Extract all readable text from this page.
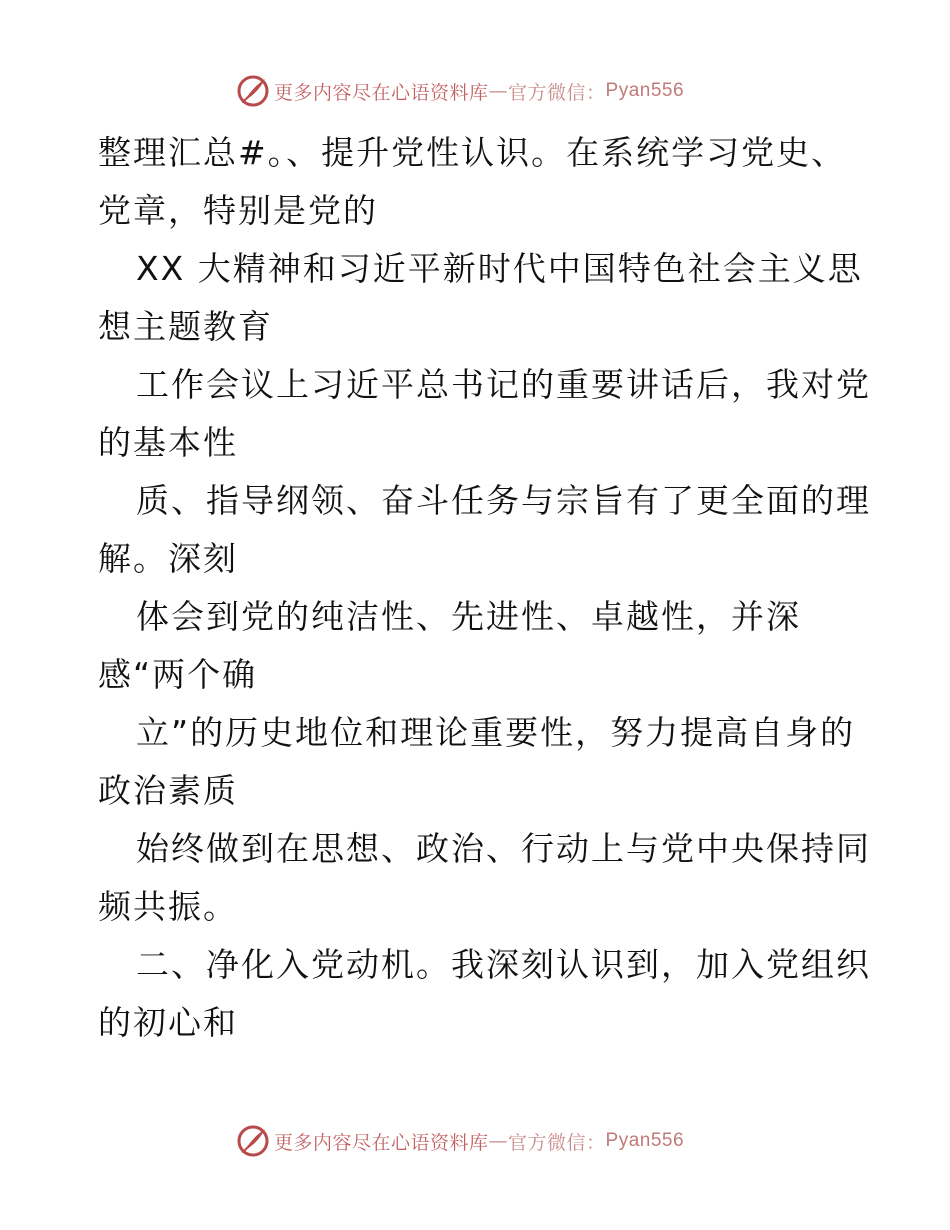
更多内容尽在心语资料库 — 官方微信： Pyan556
整理汇总#。、提升党性认识。在系统学习党史、
党章，特别是党的
XX 大精神和习近平新时代中国特色社会主义思
想主题教育
工作会议上习近平总书记的重要讲话后，我对党
的基本性
质、指导纲领、奋斗任务与宗旨有了更全面的理
解。深刻
体会到党的纯洁性、先进性、卓越性，并深
感“两个确
立”的历史地位和理论重要性，努力提高自身的
政治素质
始终做到在思想、政治、行动上与党中央保持同
频共振。
二、净化入党动机。我深刻认识到，加入党组织
的初心和
更多内容尽在心语资料库 — 官方微信： Pyan556
